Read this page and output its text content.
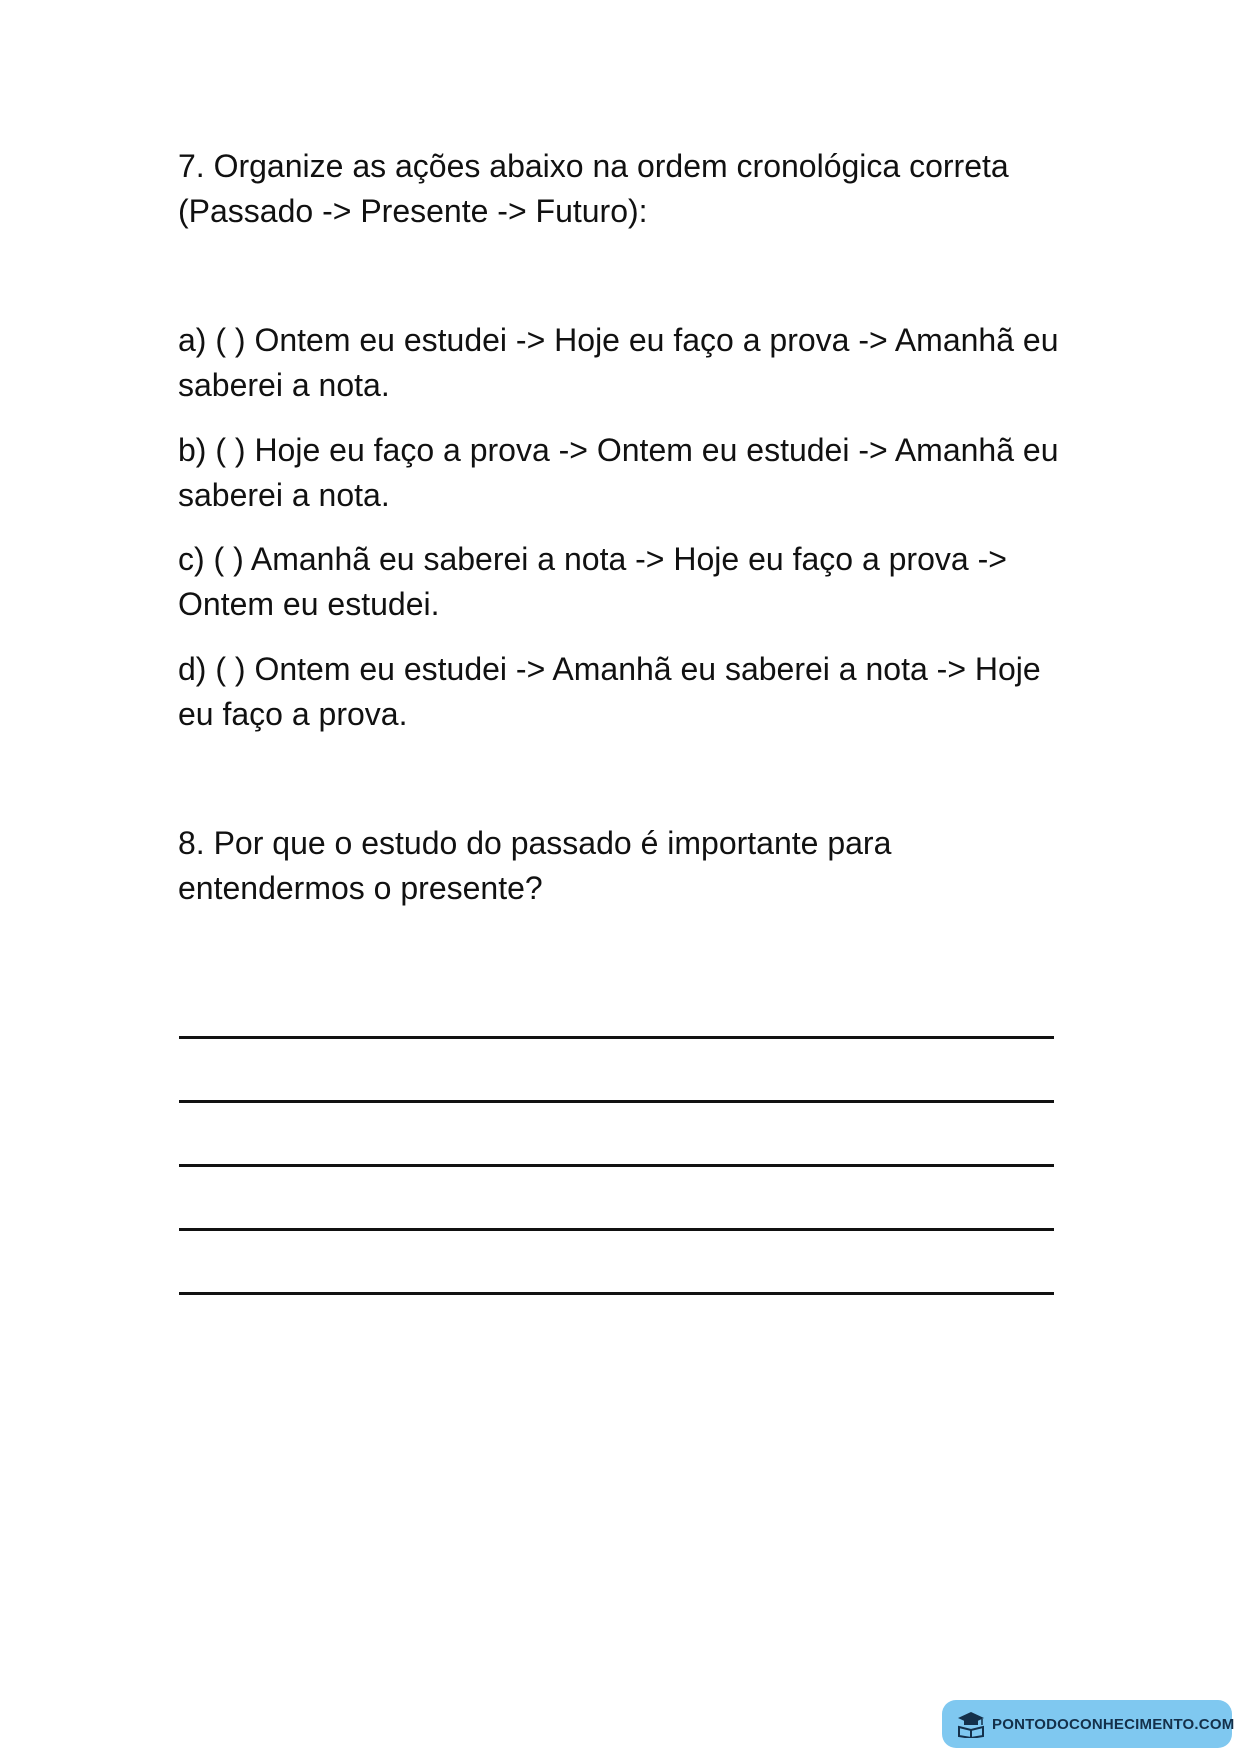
7. Organize as ações abaixo na ordem cronológica correta (Passado -> Presente -> Futuro):

a) ( ) Ontem eu estudei -> Hoje eu faço a prova -> Amanhã eu saberei a nota.

b) ( ) Hoje eu faço a prova -> Ontem eu estudei -> Amanhã eu saberei a nota.

c) ( ) Amanhã eu saberei a nota -> Hoje eu faço a prova -> Ontem eu estudei.

d) ( ) Ontem eu estudei -> Amanhã eu saberei a nota -> Hoje eu faço a prova.

8. Por que o estudo do passado é importante para entendermos o presente?

PONTODOCONHECIMENTO.COM
